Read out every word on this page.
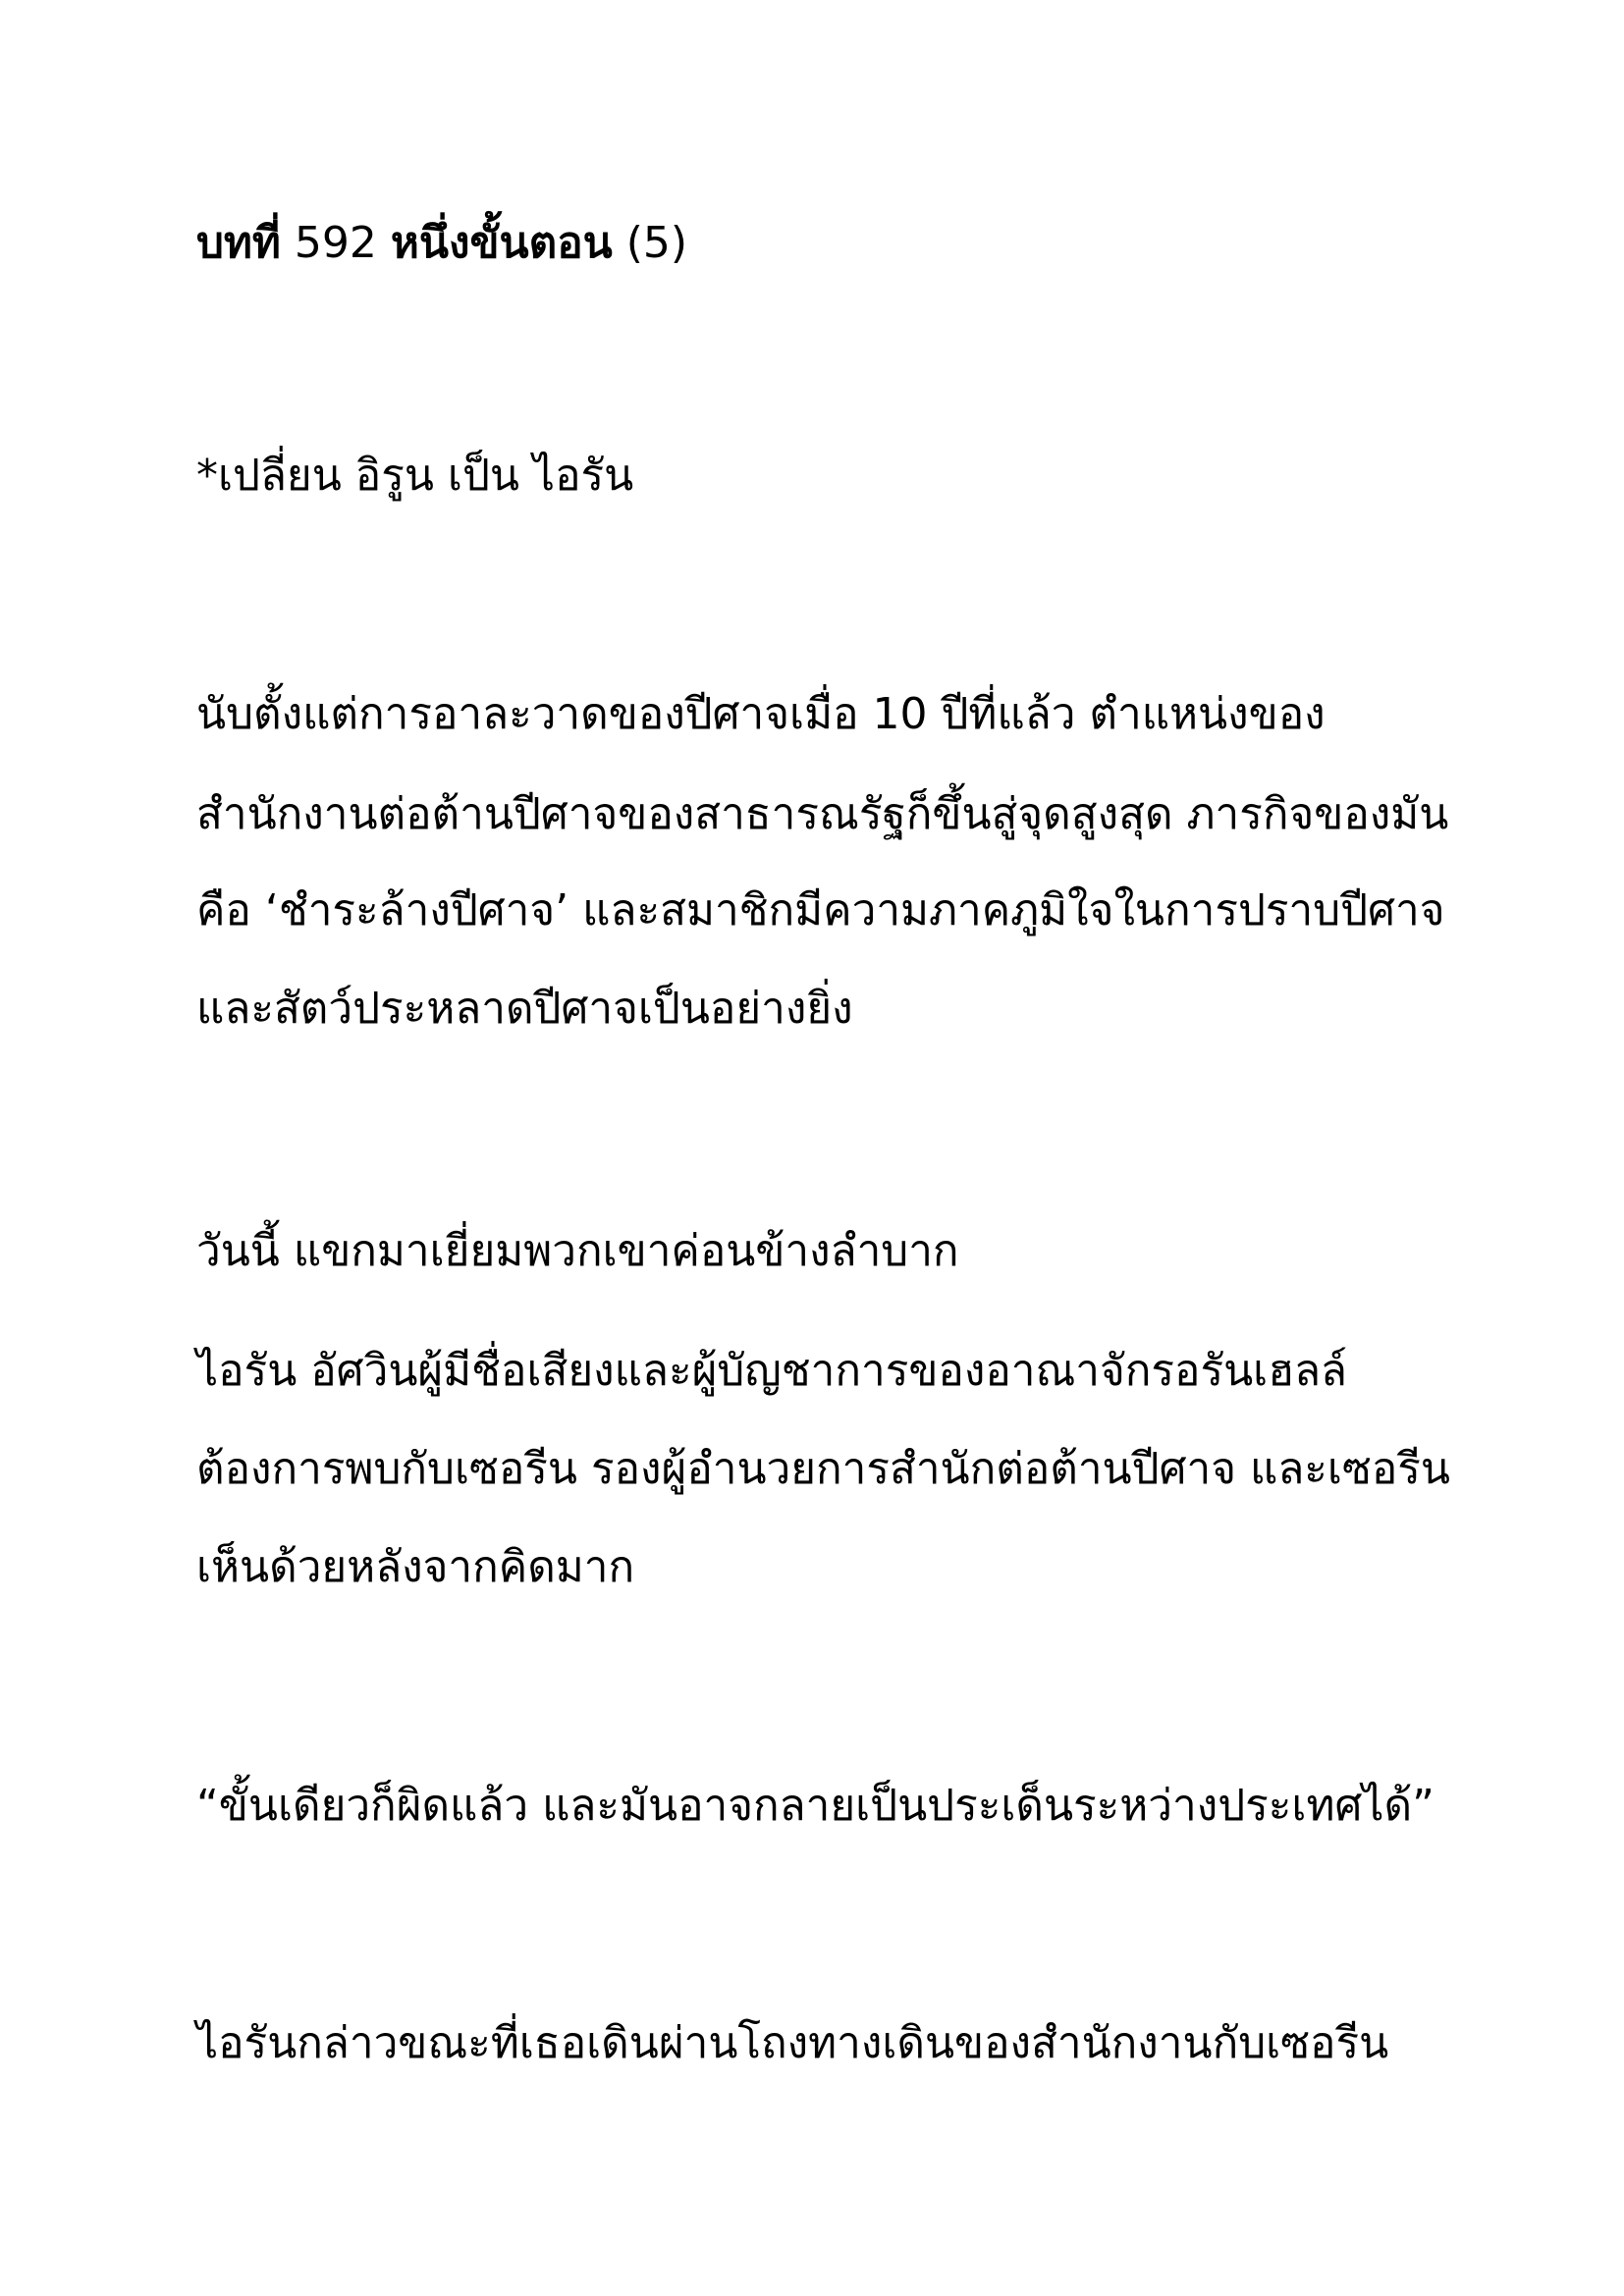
บทที่ 592 หนึ่งขั้นตอน (5)

*เปลี่ยน อิรูน เป็น ไอรัน

นับตั้งแต่การอาละวาดของปีศาจเมื่อ 10 ปีที่แล้ว ตำแหน่งของ

สำนักงานต่อต้านปีศาจของสาธารณรัฐก็ขึ้นสู่จุดสูงสุด ภารกิจของมัน

คือ ‘ชำระล้างปีศาจ’ และสมาชิกมีความภาคภูมิใจในการปราบปีศาจ

และสัตว์ประหลาดปีศาจเป็นอย่างยิ่ง

วันนี้ แขกมาเยี่ยมพวกเขาค่อนข้างลำบาก

ไอรัน อัศวินผู้มีชื่อเสียงและผู้บัญชาการของอาณาจักรอรันเฮลล์

ต้องการพบกับเซอรีน รองผู้อำนวยการสำนักต่อต้านปีศาจ และเซอรีน

เห็นด้วยหลังจากคิดมาก

“ขั้นเดียวก็ผิดแล้ว และมันอาจกลายเป็นประเด็นระหว่างประเทศได้”

ไอรันกล่าวขณะที่เธอเดินผ่านโถงทางเดินของสำนักงานกับเซอรีน
